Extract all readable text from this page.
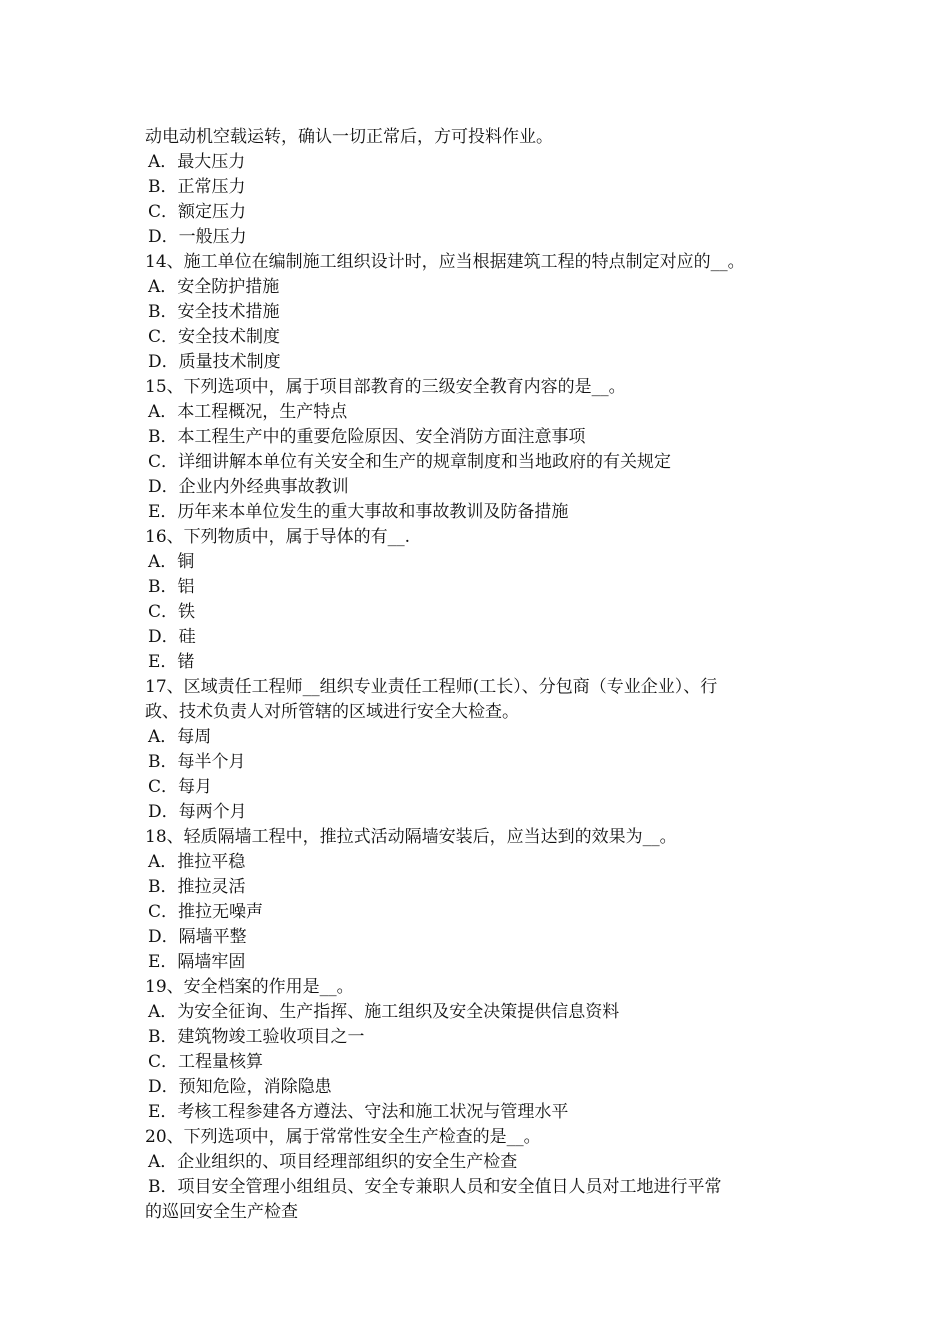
动电动机空载运转，确认一切正常后，方可投料作业。
A．最大压力
B．正常压力
C．额定压力
D．一般压力
14、施工单位在编制施工组织设计时，应当根据建筑工程的特点制定对应的__。
A．安全防护措施
B．安全技术措施
C．安全技术制度
D．质量技术制度
15、下列选项中，属于项目部教育的三级安全教育内容的是__。
A．本工程概况，生产特点
B．本工程生产中的重要危险原因、安全消防方面注意事项
C．详细讲解本单位有关安全和生产的规章制度和当地政府的有关规定
D．企业内外经典事故教训
E．历年来本单位发生的重大事故和事故教训及防备措施
16、下列物质中，属于导体的有__.
A．铜
B．铝
C．铁
D．硅
E．锗
17、区域责任工程师__组织专业责任工程师(工长）、分包商（专业企业）、行
政、技术负责人对所管辖的区域进行安全大检查。
A．每周
B．每半个月
C．每月
D．每两个月
18、轻质隔墙工程中，推拉式活动隔墙安装后，应当达到的效果为__。
A．推拉平稳
B．推拉灵活
C．推拉无噪声
D．隔墙平整
E．隔墙牢固
19、安全档案的作用是__。
A．为安全征询、生产指挥、施工组织及安全决策提供信息资料
B．建筑物竣工验收项目之一
C．工程量核算
D．预知危险，消除隐患
E．考核工程参建各方遵法、守法和施工状况与管理水平
20、下列选项中，属于常常性安全生产检查的是__。
A．企业组织的、项目经理部组织的安全生产检查
B．项目安全管理小组组员、安全专兼职人员和安全值日人员对工地进行平常
的巡回安全生产检查
